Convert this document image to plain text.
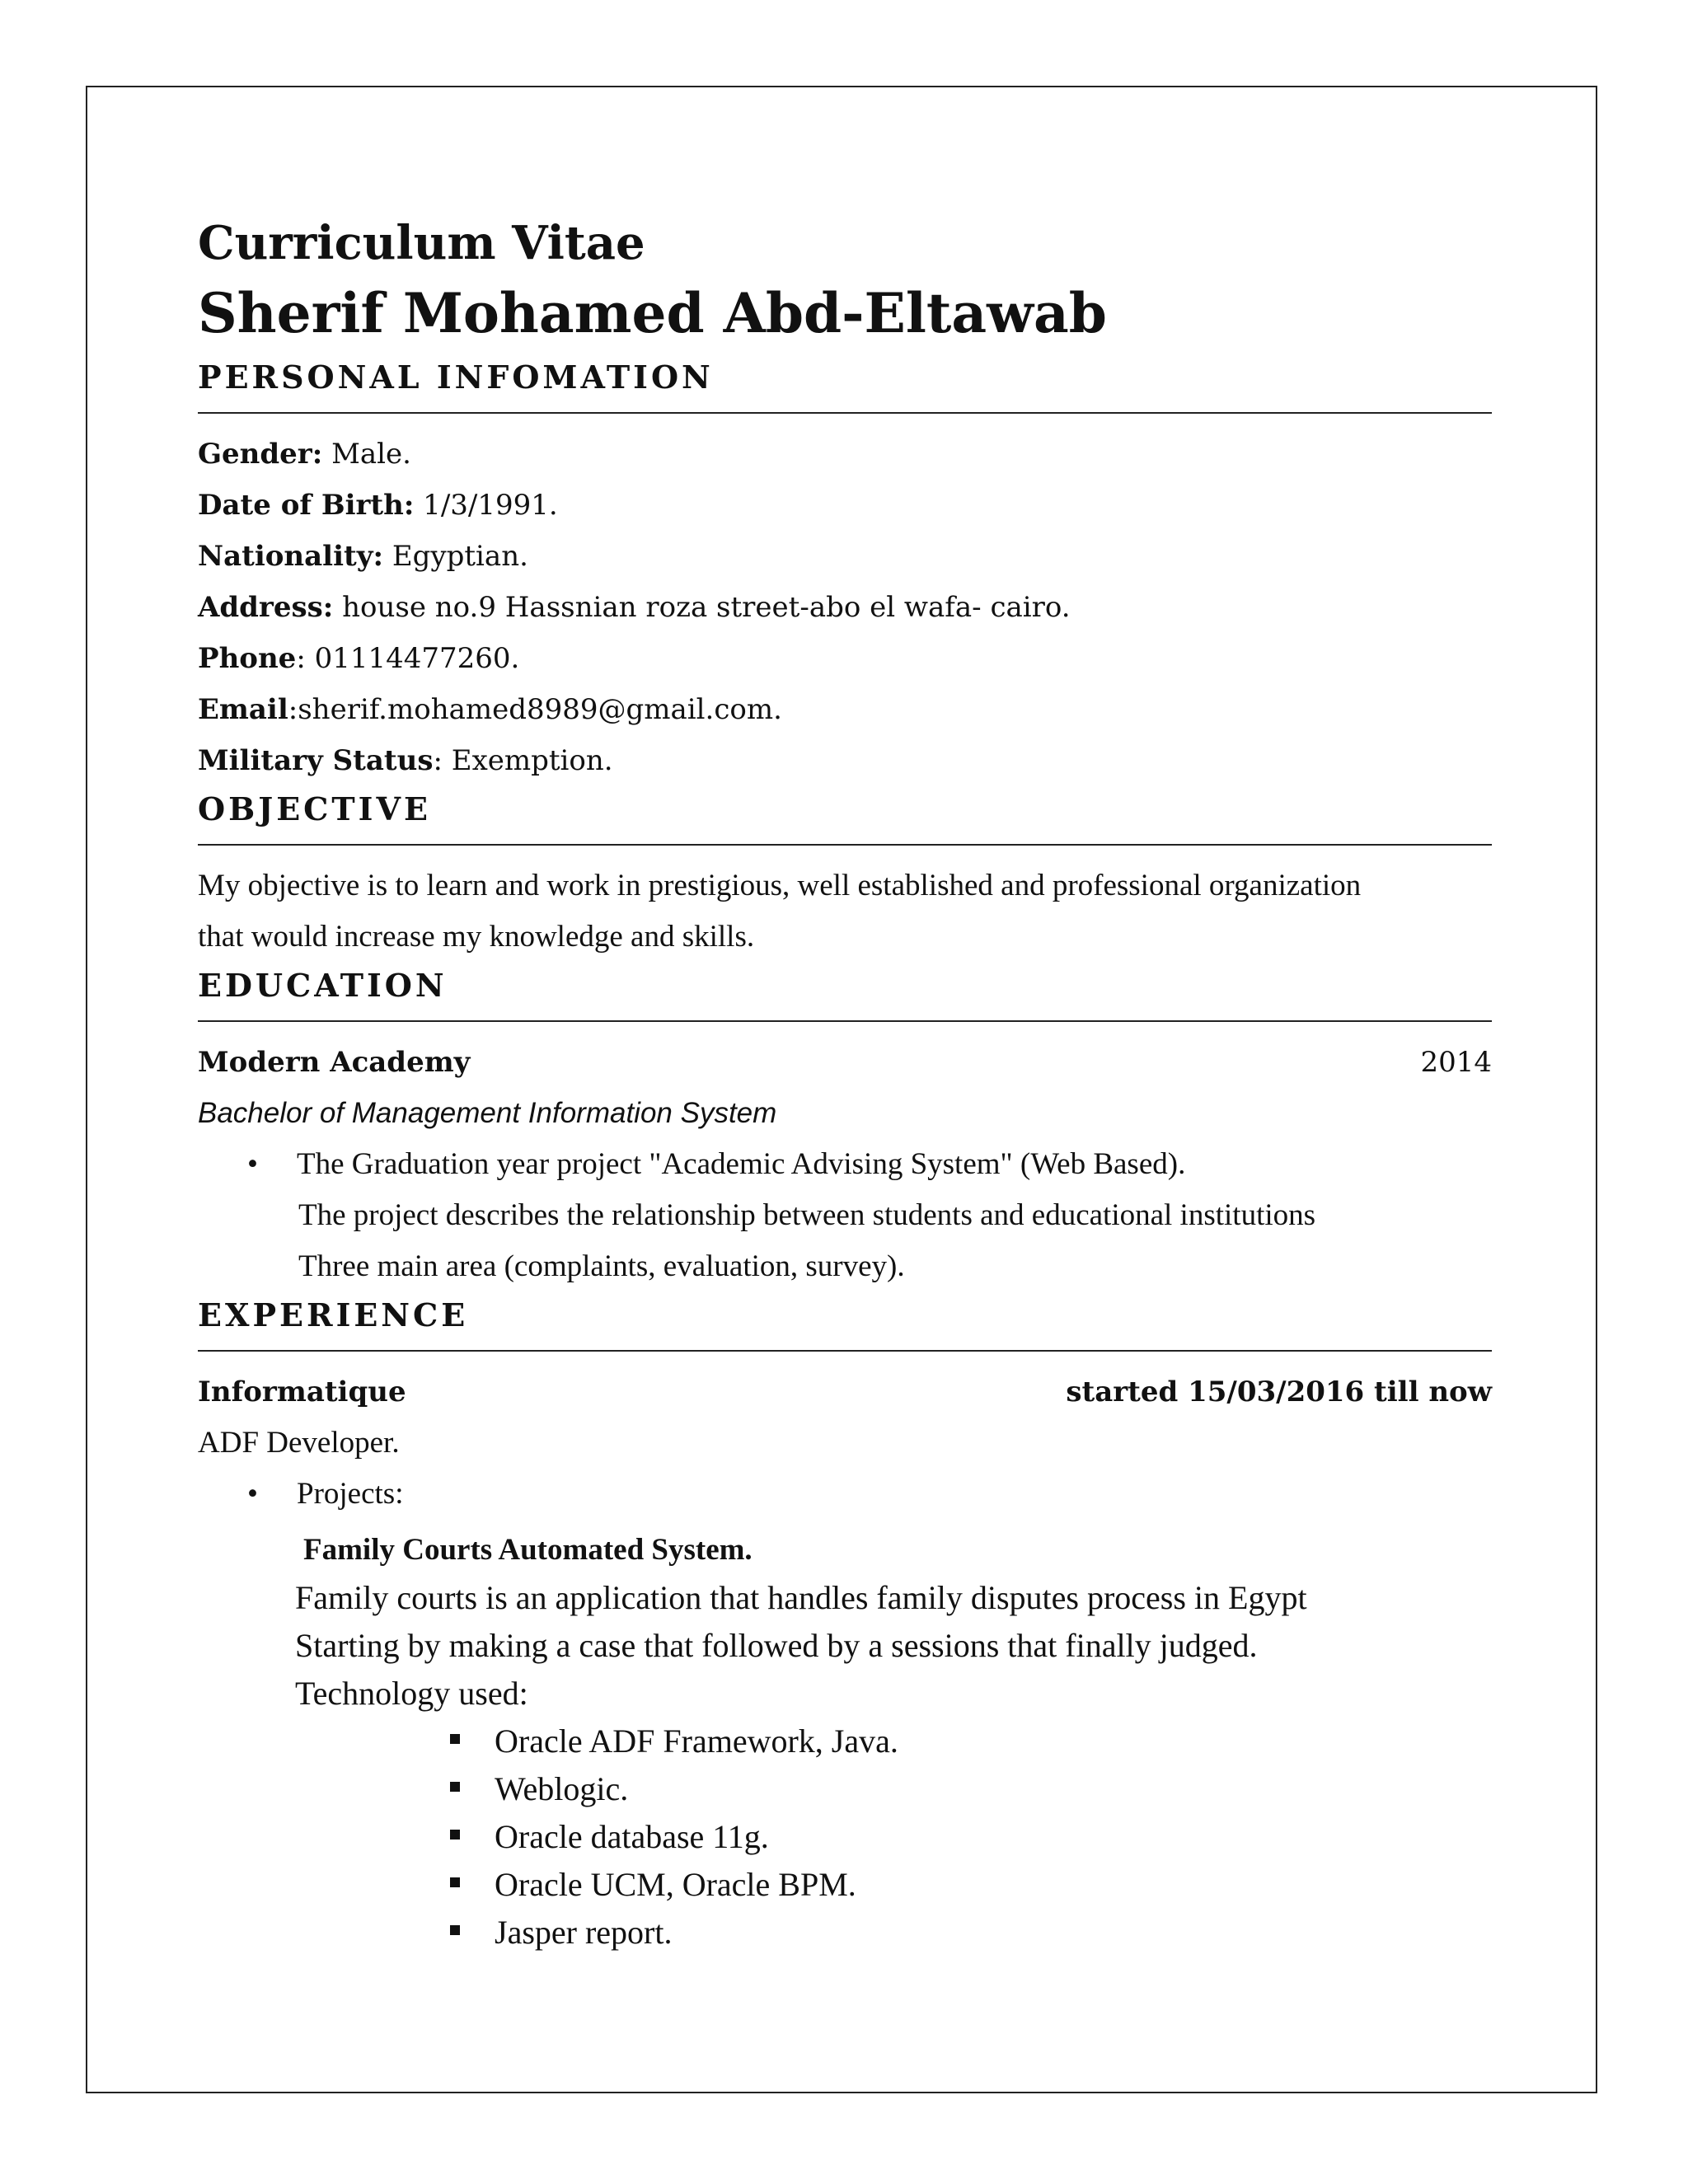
Curriculum Vitae
Sherif Mohamed Abd-Eltawab
PERSONAL INFOMATION

Gender: Male.

Date of Birth: 1/3/1991.

Nationality: Egyptian.

Address: house no.9 Hassnian roza street-abo el wafa- cairo.

Phone: 01114477260.

Email:sherif.mohamed8989@gmail.com.

Military Status: Exemption.

OBJECTIVE

My objective is to learn and work in prestigious, well established and professional organization

that would increase my knowledge and skills.

EDUCATION
Modern Academy	2014

Bachelor of Management Information System

• The Graduation year project "Academic Advising System" (Web Based).

The project describes the relationship between students and educational institutions

Three main area (complaints, evaluation, survey).

EXPERIENCE
Informatique	started 15/03/2016 till now

ADF Developer.

• Projects:

Family Courts Automated System.

Family courts is an application that handles family disputes process in Egypt

Starting by making a case that followed by a sessions that finally judged.

Technology used:

Oracle ADF Framework, Java.
Weblogic.
Oracle database 11g.
Oracle UCM, Oracle BPM.
Jasper report.
